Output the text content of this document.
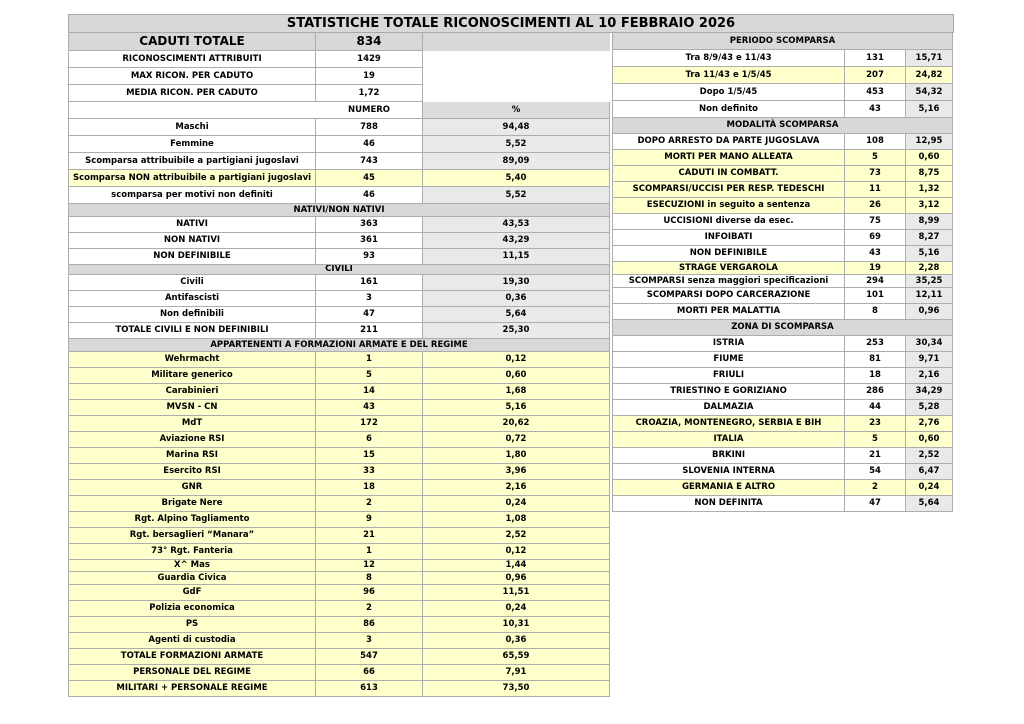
STATISTICHE TOTALE RICONOSCIMENTI AL 10 FEBBRAIO 2026
CADUTI TOTALE	834
RICONOSCIMENTI ATTRIBUITI	1429
MAX RICON. PER CADUTO	19
MEDIA RICON. PER CADUTO	1,72
NUMERO	%
Maschi	788	94,48
Femmine	46	5,52
Scomparsa attribuibile a partigiani jugoslavi	743	89,09
Scomparsa NON attribuibile a partigiani jugoslavi	45	5,40
scomparsa per motivi non definiti	46	5,52
NATIVI/NON NATIVI
NATIVI	363	43,53
NON NATIVI	361	43,29
NON DEFINIBILE	93	11,15
CIVILI
Civili	161	19,30
Antifascisti	3	0,36
Non definibili	47	5,64
TOTALE CIVILI E NON DEFINIBILI	211	25,30
APPARTENENTI A FORMAZIONI ARMATE E DEL REGIME
Wehrmacht	1	0,12
Militare generico	5	0,60
Carabinieri	14	1,68
MVSN - CN	43	5,16
MdT	172	20,62
Aviazione RSI	6	0,72
Marina RSI	15	1,80
Esercito RSI	33	3,96
GNR	18	2,16
Brigate Nere	2	0,24
Rgt. Alpino Tagliamento	9	1,08
Rgt. bersaglieri “Manara”	21	2,52
73° Rgt. Fanteria	1	0,12
X^ Mas	12	1,44
Guardia Civica	8	0,96
GdF	96	11,51
Polizia economica	2	0,24
PS	86	10,31
Agenti di custodia	3	0,36
TOTALE FORMAZIONI ARMATE	547	65,59
PERSONALE DEL REGIME	66	7,91
MILITARI + PERSONALE REGIME	613	73,50
PERIODO SCOMPARSA
Tra 8/9/43 e 11/43	131	15,71
Tra 11/43 e 1/5/45	207	24,82
Dopo 1/5/45	453	54,32
Non definito	43	5,16
MODALITÀ SCOMPARSA
DOPO ARRESTO DA PARTE JUGOSLAVA	108	12,95
MORTI PER MANO ALLEATA	5	0,60
CADUTI IN COMBATT.	73	8,75
SCOMPARSI/UCCISI PER RESP. TEDESCHI	11	1,32
ESECUZIONI in seguito a sentenza	26	3,12
UCCISIONI diverse da esec.	75	8,99
INFOIBATI	69	8,27
NON DEFINIBILE	43	5,16
STRAGE VERGAROLA	19	2,28
SCOMPARSI senza maggiori specificazioni	294	35,25
SCOMPARSI DOPO CARCERAZIONE	101	12,11
MORTI PER MALATTIA	8	0,96
ZONA DI SCOMPARSA
ISTRIA	253	30,34
FIUME	81	9,71
FRIULI	18	2,16
TRIESTINO E GORIZIANO	286	34,29
DALMAZIA	44	5,28
CROAZIA, MONTENEGRO, SERBIA E BIH	23	2,76
ITALIA	5	0,60
BRKINI	21	2,52
SLOVENIA INTERNA	54	6,47
GERMANIA E ALTRO	2	0,24
NON DEFINITA	47	5,64
